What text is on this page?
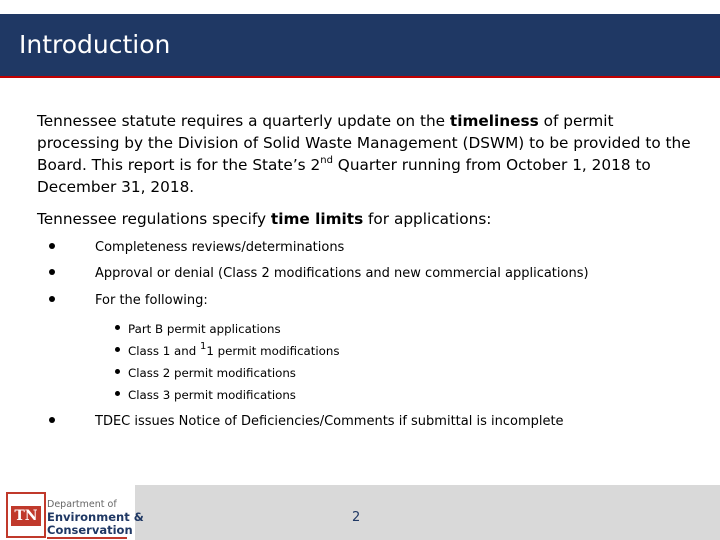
Introduction
Tennessee statute requires a quarterly update on the timeliness of permit processing by the Division of Solid Waste Management (DSWM) to be provided to the Board. This report is for the State’s 2nd Quarter running from October 1, 2018 to December 31, 2018.
Tennessee regulations specify time limits for applications:
Completeness reviews/determinations
Approval or denial (Class 2 modifications and new commercial applications)
For the following:
Part B permit applications
Class 1 and $^1$1 permit modifications
Class 2 permit modifications
Class 3 permit modifications
TDEC issues Notice of Deficiencies/Comments if submittal is incomplete
TN
Department of
Environment &
Conservation
2
